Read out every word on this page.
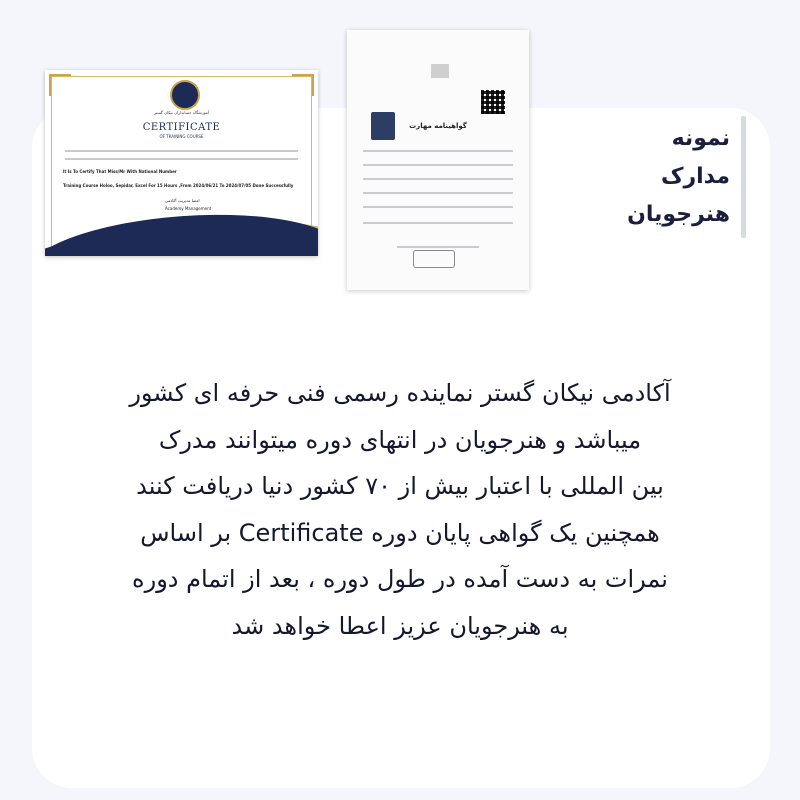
نمونه
مدارک
هنرجویان
آموزشگاه حسابداران نیکان گستر
CERTIFICATE
OF TRAINING COURSE
It Is To Certify That Miss/Mr With National Number
Training Course Holoo, Sepidar, Excel For 15 Hours ,From 2024/06/21 To 2024/07/05 Done Successfully
امضا مدیریت آکادمی
Academy Management
گواهینامه مهارت
آکادمی نیکان گستر نماینده رسمی فنی حرفه ای کشور
میباشد و هنرجویان در انتهای دوره میتوانند مدرک
بین المللی با اعتبار بیش از ۷۰ کشور دنیا دریافت کنند
همچنین یک گواهی پایان دوره Certificate بر اساس
نمرات به دست آمده در طول دوره ، بعد از اتمام دوره
به هنرجویان عزیز اعطا خواهد شد
